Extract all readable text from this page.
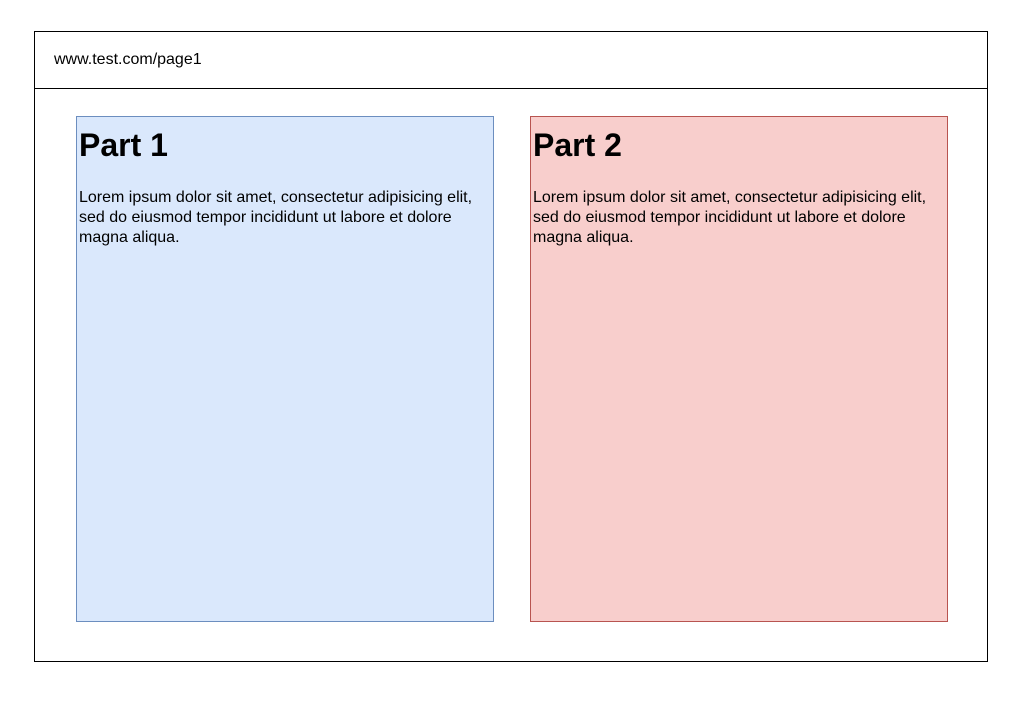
www.test.com/page1
Part 1

Lorem ipsum dolor sit amet, consectetur adipisicing elit, sed do eiusmod tempor incididunt ut labore et dolore magna aliqua.

Part 2

Lorem ipsum dolor sit amet, consectetur adipisicing elit, sed do eiusmod tempor incididunt ut labore et dolore magna aliqua.
